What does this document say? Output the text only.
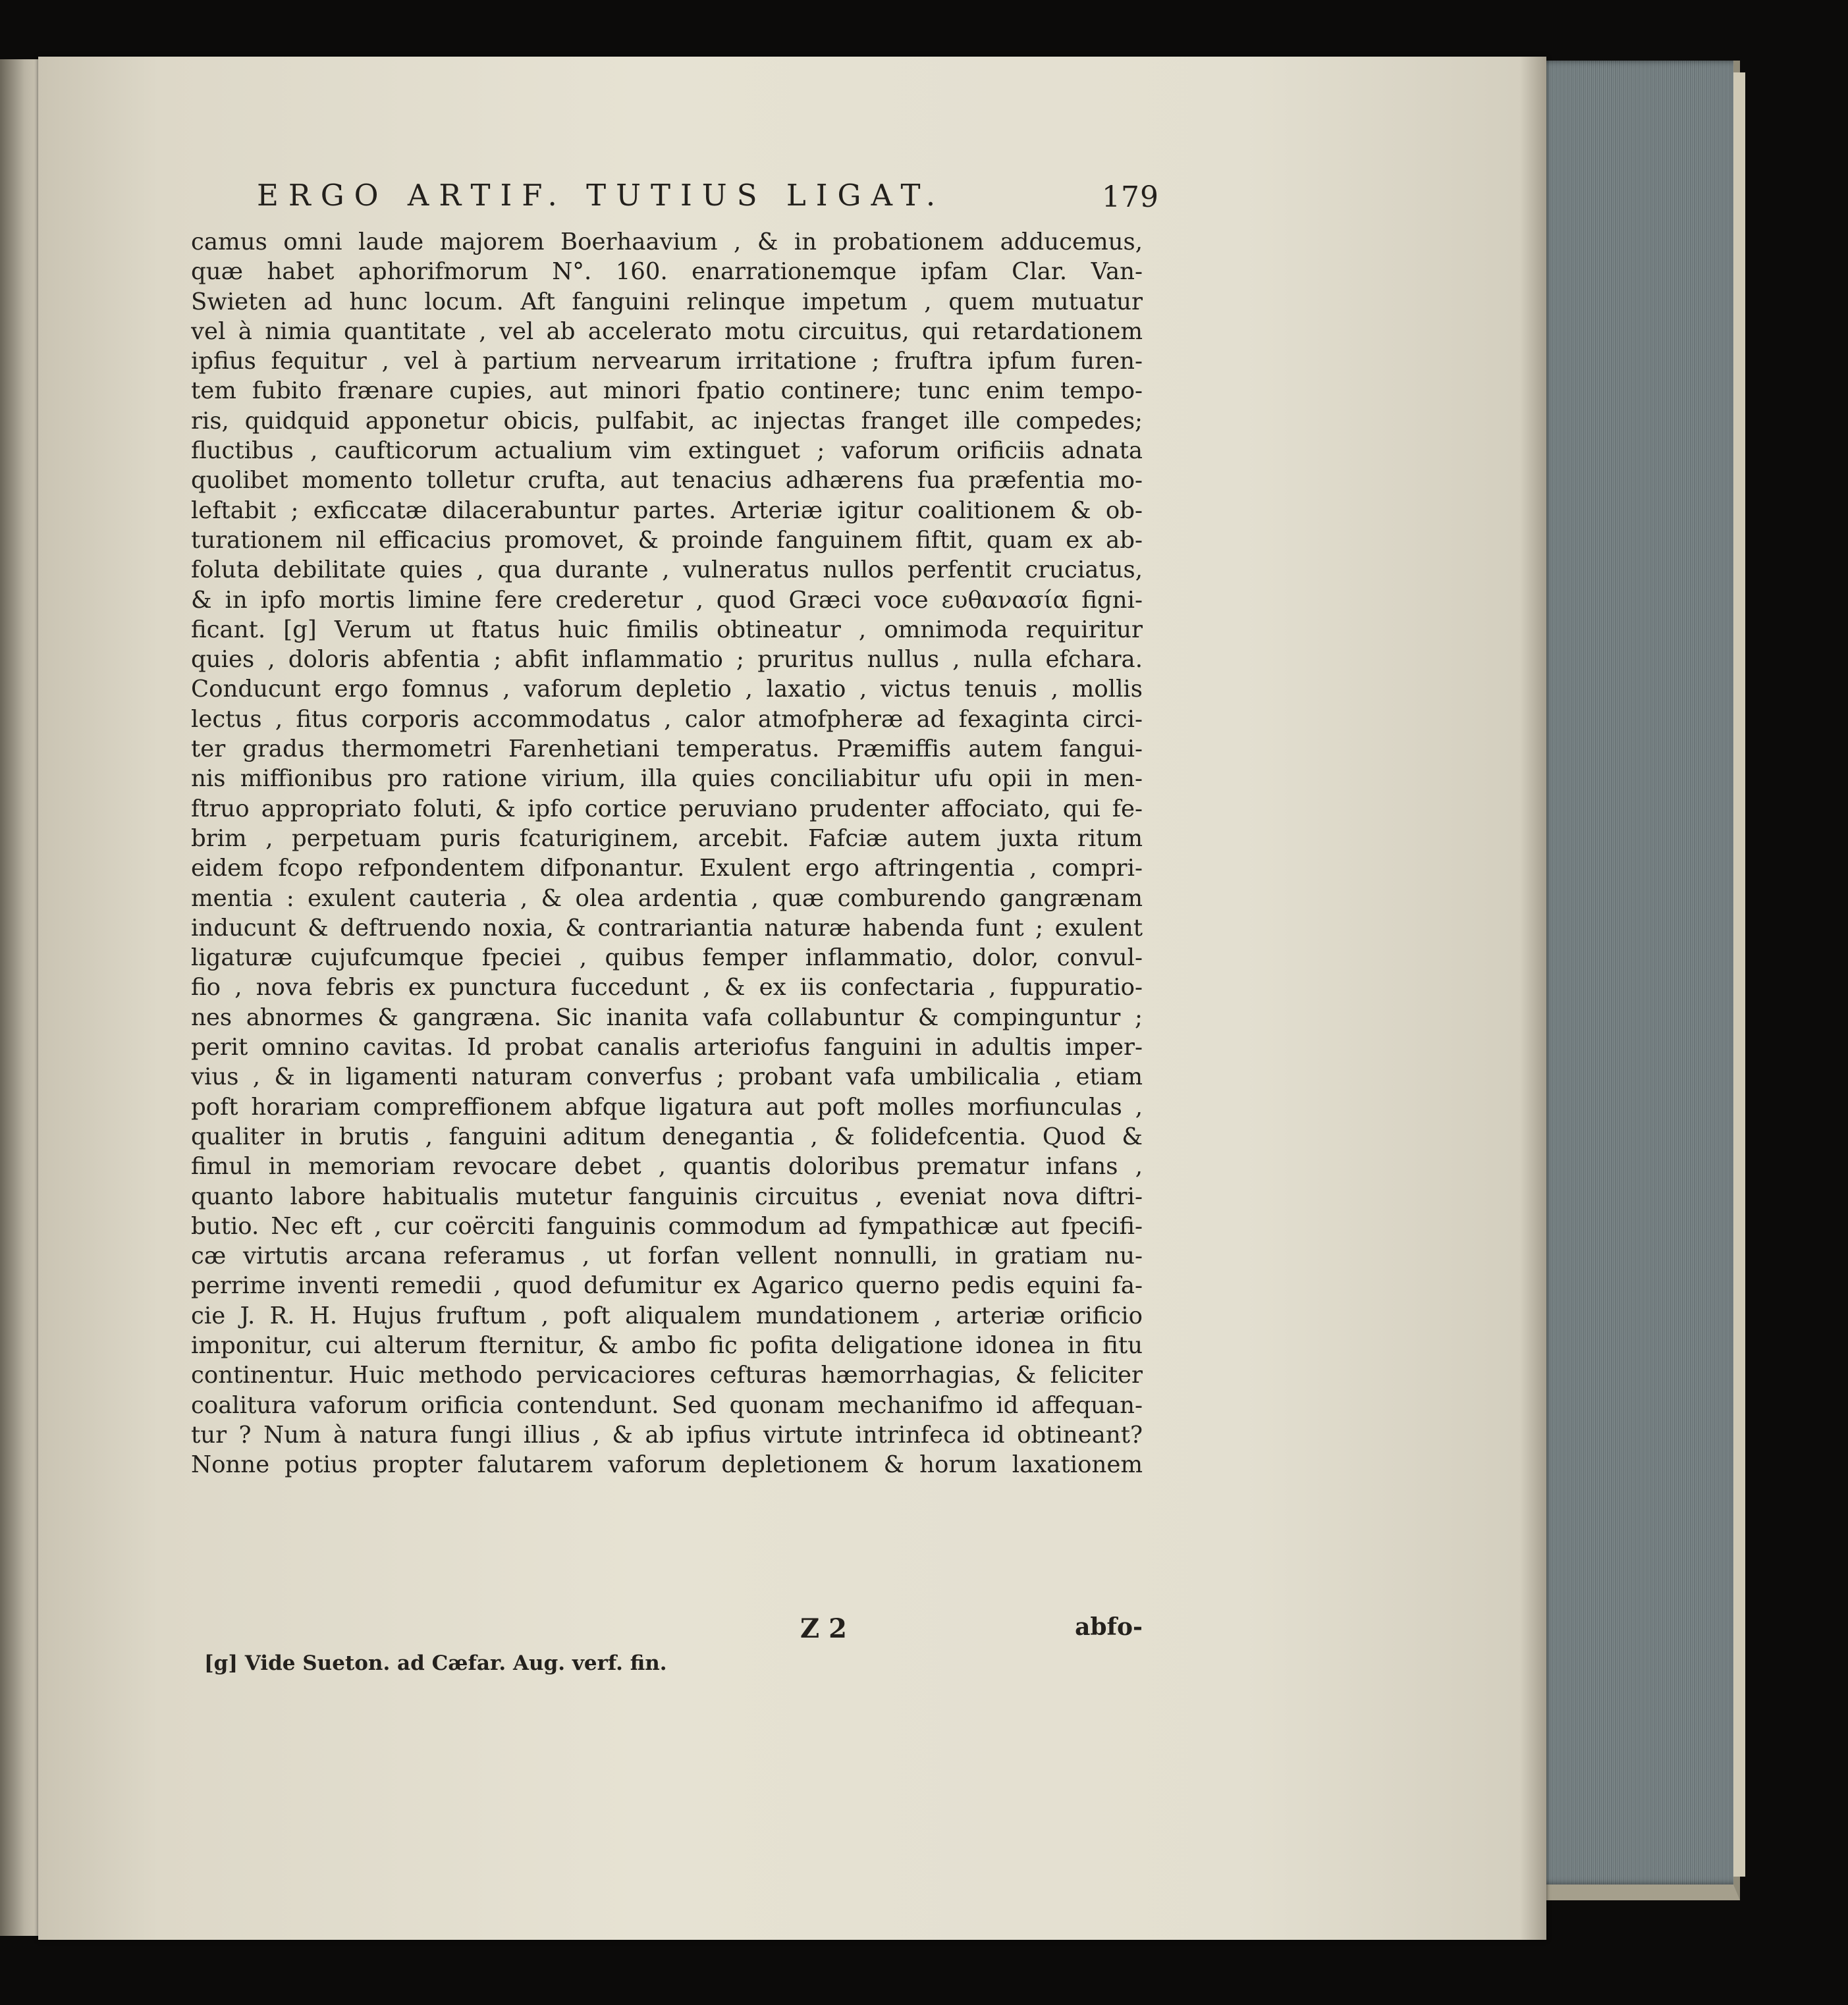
ERGO ARTIF. TUTIUS LIGAT.	179
camus omni laude majorem Boerhaavium , & in probationem adducemus,
quæ habet aphorifmorum N°. 160. enarrationemque ipfam Clar. Van-
Swieten ad hunc locum. Aft fanguini relinque impetum , quem mutuatur
vel à nimia quantitate , vel ab accelerato motu circuitus, qui retardationem
ipfius fequitur , vel à partium nervearum irritatione ; fruftra ipfum furen-
tem fubito frænare cupies, aut minori fpatio continere; tunc enim tempo-
ris, quidquid apponetur obicis, pulfabit, ac injectas franget ille compedes;
fluctibus , caufticorum actualium vim extinguet ; vaforum orificiis adnata
quolibet momento tolletur crufta, aut tenacius adhærens fua præfentia mo-
leftabit ; exficcatæ dilacerabuntur partes. Arteriæ igitur coalitionem & ob-
turationem nil efficacius promovet, & proinde fanguinem fiftit, quam ex ab-
foluta debilitate quies , qua durante , vulneratus nullos perfentit cruciatus,
& in ipfo mortis limine fere crederetur , quod Græci voce ευθανασία figni-
ficant. [g] Verum ut ftatus huic fimilis obtineatur , omnimoda requiritur
quies , doloris abfentia ; abfit inflammatio ; pruritus nullus , nulla efchara.
Conducunt ergo fomnus , vaforum depletio , laxatio , victus tenuis , mollis
lectus , fitus corporis accommodatus , calor atmofpheræ ad fexaginta circi-
ter gradus thermometri Farenhetiani temperatus. Præmiffis autem fangui-
nis miffionibus pro ratione virium, illa quies conciliabitur ufu opii in men-
ftruo appropriato foluti, & ipfo cortice peruviano prudenter affociato, qui fe-
brim , perpetuam puris fcaturiginem, arcebit. Fafciæ autem juxta ritum
eidem fcopo refpondentem difponantur. Exulent ergo aftringentia , compri-
mentia : exulent cauteria , & olea ardentia , quæ comburendo gangrænam
inducunt & deftruendo noxia, & contrariantia naturæ habenda funt ; exulent
ligaturæ cujufcumque fpeciei , quibus femper inflammatio, dolor, convul-
fio , nova febris ex punctura fuccedunt , & ex iis confectaria , fuppuratio-
nes abnormes & gangræna. Sic inanita vafa collabuntur & compinguntur ;
perit omnino cavitas. Id probat canalis arteriofus fanguini in adultis imper-
vius , & in ligamenti naturam converfus ; probant vafa umbilicalia , etiam
poft horariam compreffionem abfque ligatura aut poft molles morfiunculas ,
qualiter in brutis , fanguini aditum denegantia , & folidefcentia. Quod &
fimul in memoriam revocare debet , quantis doloribus prematur infans ,
quanto labore habitualis mutetur fanguinis circuitus , eveniat nova diftri-
butio. Nec eft , cur coërciti fanguinis commodum ad fympathicæ aut fpecifi-
cæ virtutis arcana referamus , ut forfan vellent nonnulli, in gratiam nu-
perrime inventi remedii , quod defumitur ex Agarico querno pedis equini fa-
cie J. R. H. Hujus fruftum , poft aliqualem mundationem , arteriæ orificio
imponitur, cui alterum fternitur, & ambo fic pofita deligatione idonea in fitu
continentur. Huic methodo pervicaciores cefturas hæmorrhagias, & feliciter
coalitura vaforum orificia contendunt. Sed quonam mechanifmo id affequan-
tur ? Num à natura fungi illius , & ab ipfius virtute intrinfeca id obtineant?
Nonne potius propter falutarem vaforum depletionem & horum laxationem
Z 2	abfo-
[g] Vide Sueton. ad Cæfar. Aug. verf. fin.
